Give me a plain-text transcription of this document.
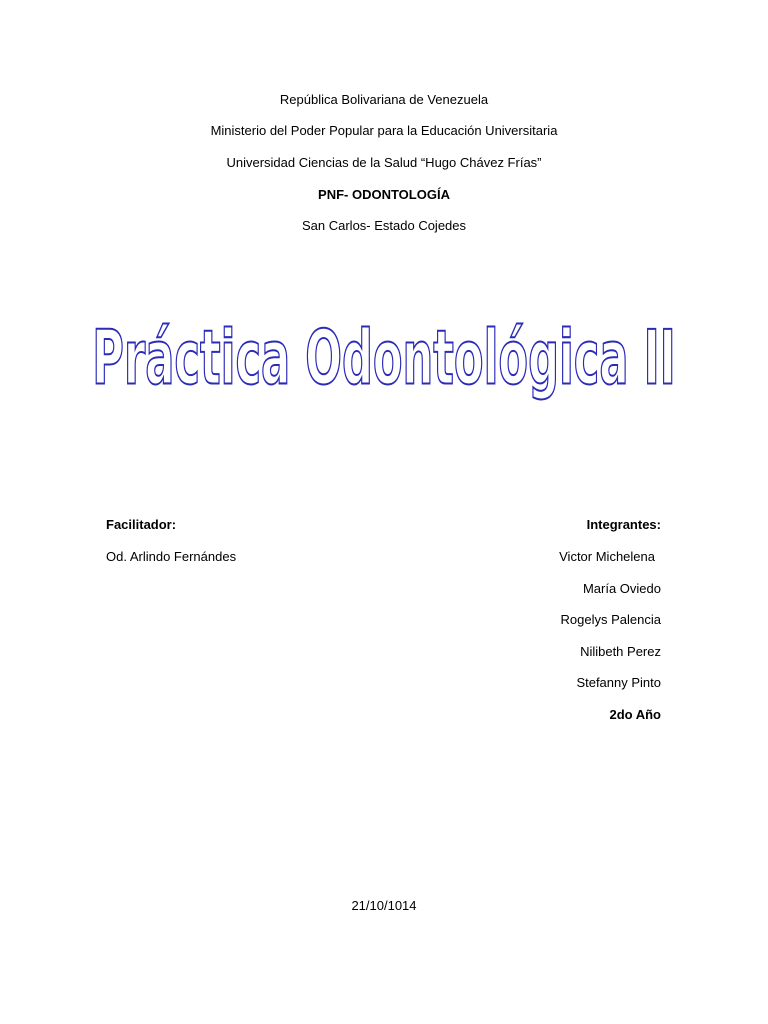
República Bolivariana de Venezuela
Ministerio del Poder Popular para la Educación Universitaria
Universidad Ciencias de la Salud “Hugo Chávez Frías”
PNF- ODONTOLOGÍA
San Carlos- Estado Cojedes
Práctica Odontológica II
Facilitador:
Od. Arlindo Fernándes
Integrantes:
Victor Michelena
María Oviedo
Rogelys Palencia
Nilibeth Perez
Stefanny Pinto
2do Año
21/10/1014
